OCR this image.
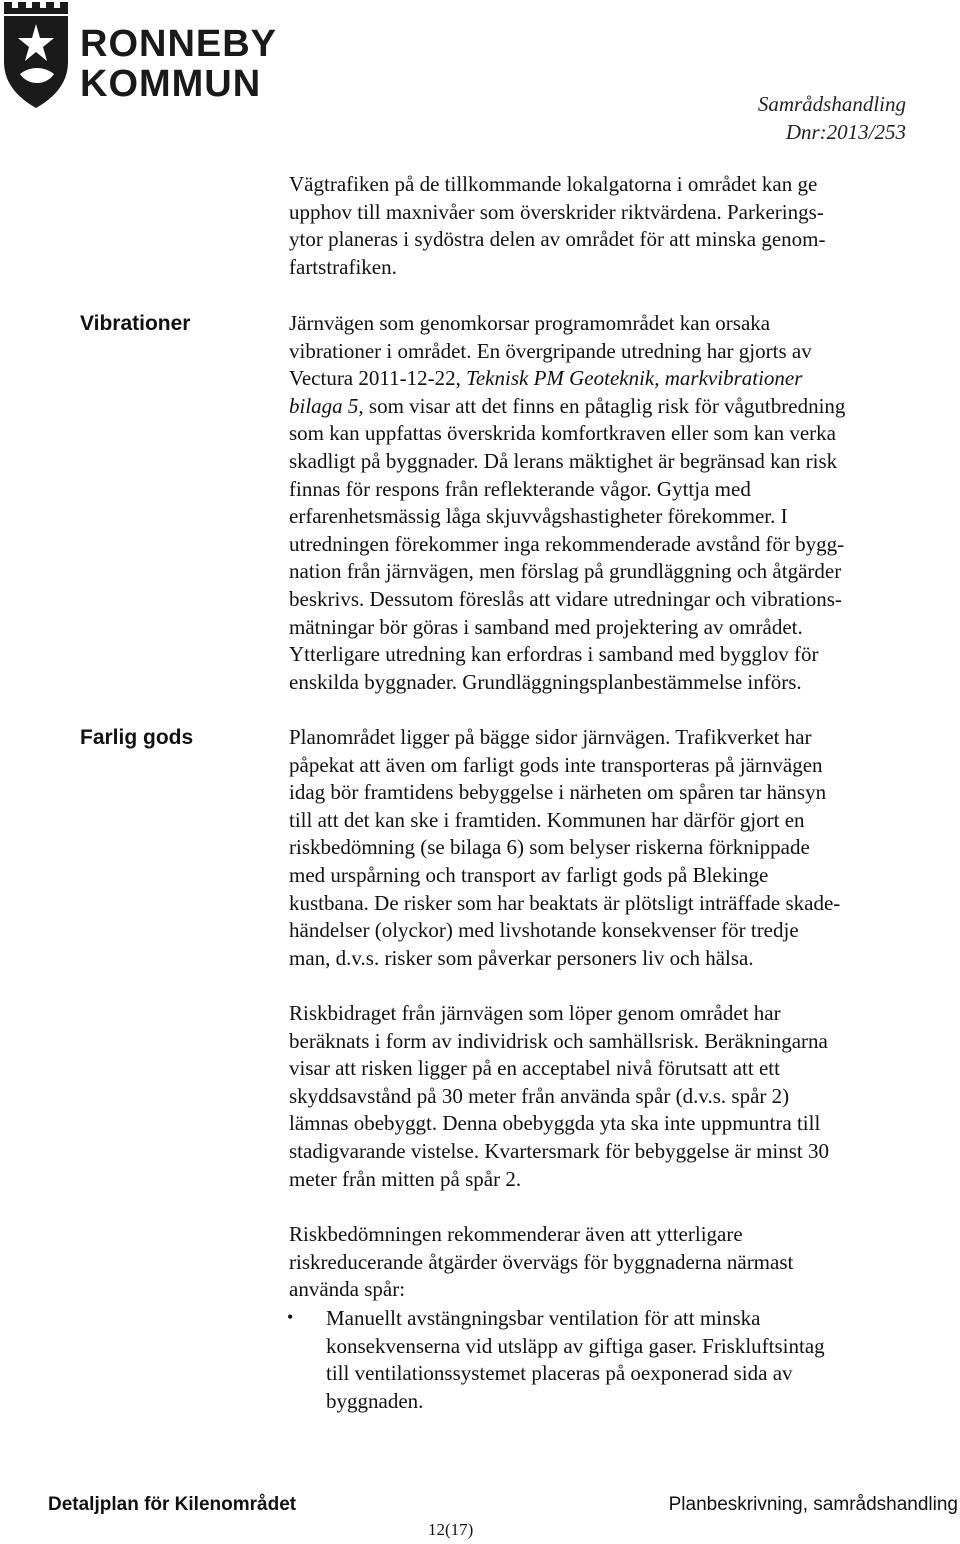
RONNEBY
KOMMUN	Samrådshandling
Dnr:2013/253
Vägtrafiken på de tillkommande lokalgatorna i området kan ge
upphov till maxnivåer som överskrider riktvärdena. Parkerings-
ytor planeras i sydöstra delen av området för att minska genom-
fartstrafiken.
Vibrationer	Järnvägen som genomkorsar programområdet kan orsaka
vibrationer i området. En övergripande utredning har gjorts av
Vectura 2011-12-22, Teknisk PM Geoteknik, markvibrationer
bilaga 5, som visar att det finns en påtaglig risk för vågutbredning
som kan uppfattas överskrida komfortkraven eller som kan verka
skadligt på byggnader. Då lerans mäktighet är begränsad kan risk
finnas för respons från reflekterande vågor. Gyttja med
erfarenhetsmässig låga skjuvvågshastigheter förekommer. I
utredningen förekommer inga rekommenderade avstånd för bygg-
nation från järnvägen, men förslag på grundläggning och åtgärder
beskrivs. Dessutom föreslås att vidare utredningar och vibrations-
mätningar bör göras i samband med projektering av området.
Ytterligare utredning kan erfordras i samband med bygglov för
enskilda byggnader. Grundläggningsplanbestämmelse införs.
Farlig gods	Planområdet ligger på bägge sidor järnvägen. Trafikverket har
påpekat att även om farligt gods inte transporteras på järnvägen
idag bör framtidens bebyggelse i närheten om spåren tar hänsyn
till att det kan ske i framtiden. Kommunen har därför gjort en
riskbedömning (se bilaga 6) som belyser riskerna förknippade
med urspårning och transport av farligt gods på Blekinge
kustbana. De risker som har beaktats är plötsligt inträffade skade-
händelser (olyckor) med livshotande konsekvenser för tredje
man, d.v.s. risker som påverkar personers liv och hälsa.
Riskbidraget från järnvägen som löper genom området har
beräknats i form av individrisk och samhällsrisk. Beräkningarna
visar att risken ligger på en acceptabel nivå förutsatt att ett
skyddsavstånd på 30 meter från använda spår (d.v.s. spår 2)
lämnas obebyggt. Denna obebyggda yta ska inte uppmuntra till
stadigvarande vistelse. Kvartersmark för bebyggelse är minst 30
meter från mitten på spår 2.
Riskbedömningen rekommenderar även att ytterligare
riskreducerande åtgärder övervägs för byggnaderna närmast
använda spår:
• Manuellt avstängningsbar ventilation för att minska
konsekvenserna vid utsläpp av giftiga gaser. Friskluftsintag
till ventilationssystemet placeras på oexponerad sida av
byggnaden.
Detaljplan för Kilenområdet	Planbeskrivning, samrådshandling
12(17)
